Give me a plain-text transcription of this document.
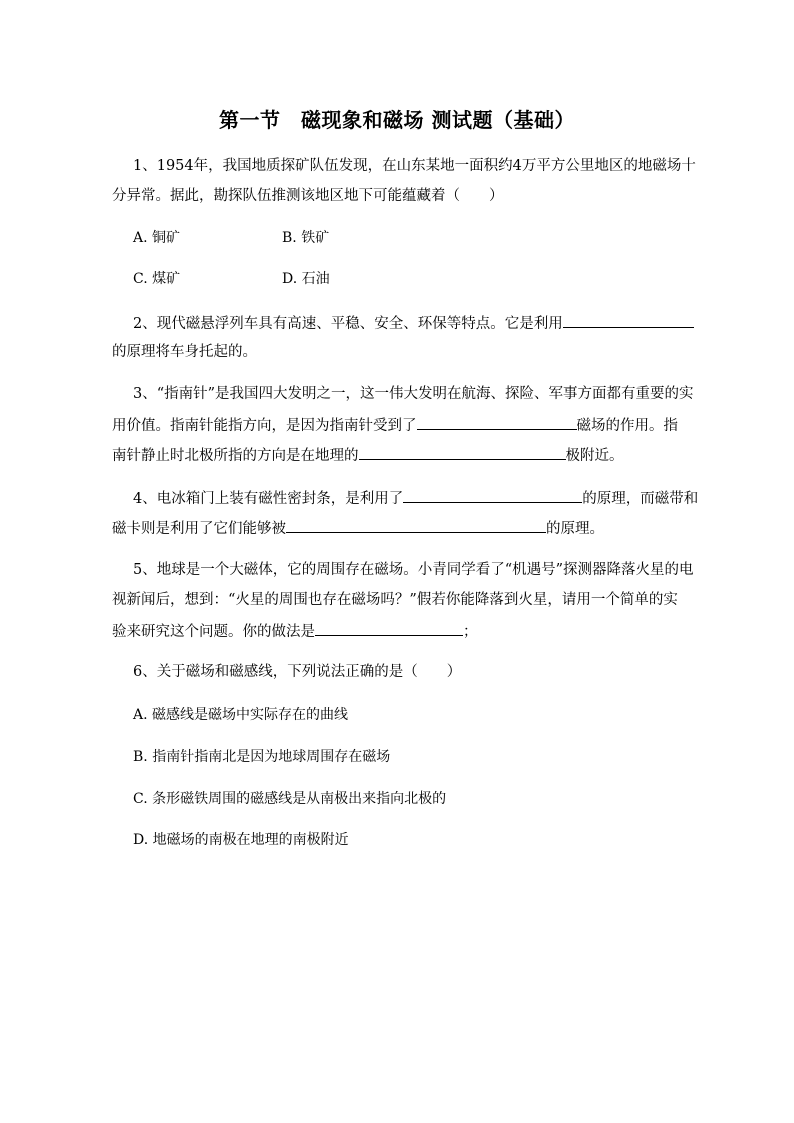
第一节　磁现象和磁场 测试题（基础）
1、1954年，我国地质探矿队伍发现，在山东某地一面积约4万平方公里地区的地磁场十
分异常。据此，勘探队伍推测该地区地下可能蕴藏着（　　）
A. 铜矿	B. 铁矿
C. 煤矿	D. 石油
2、现代磁悬浮列车具有高速、平稳、安全、环保等特点。它是利用
的原理将车身托起的。
3、“指南针”是我国四大发明之一，这一伟大发明在航海、探险、军事方面都有重要的实
用价值。指南针能指方向，是因为指南针受到了	磁场的作用。指
南针静止时北极所指的方向是在地理的	极附近。
4、电冰箱门上装有磁性密封条，是利用了	的原理，而磁带和
磁卡则是利用了它们能够被	的原理。
5、地球是一个大磁体，它的周围存在磁场。小青同学看了“机遇号”探测器降落火星的电
视新闻后，想到：“火星的周围也存在磁场吗？”假若你能降落到火星，请用一个简单的实
验来研究这个问题。你的做法是	；
6、关于磁场和磁感线，下列说法正确的是（　　）
A. 磁感线是磁场中实际存在的曲线
B. 指南针指南北是因为地球周围存在磁场
C. 条形磁铁周围的磁感线是从南极出来指向北极的
D. 地磁场的南极在地理的南极附近
